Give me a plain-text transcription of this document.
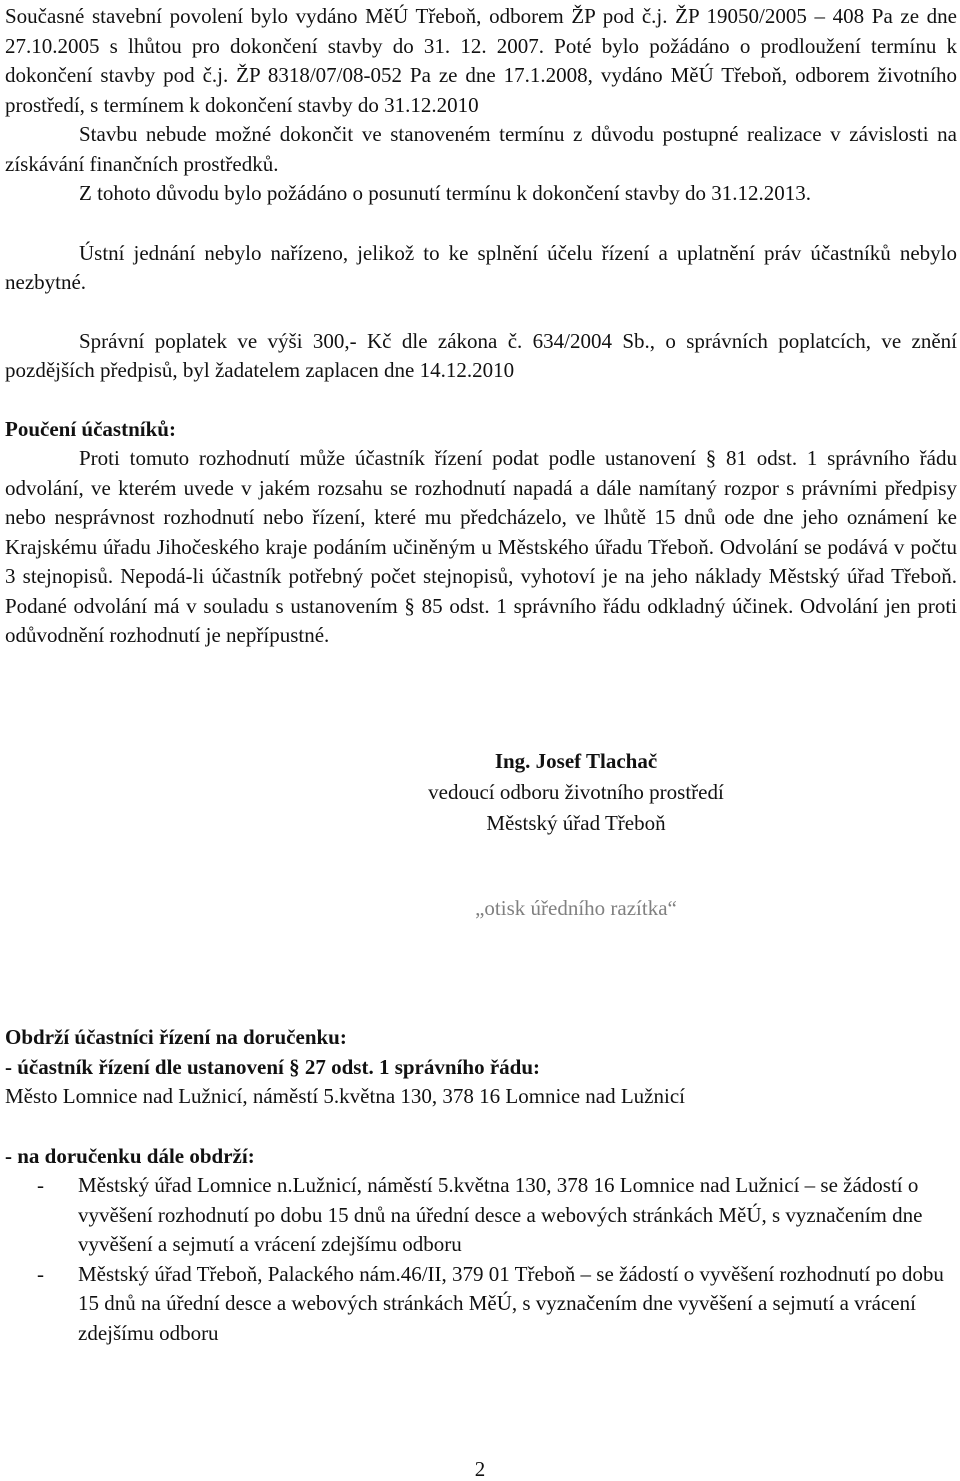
Současné stavební povolení bylo vydáno MěÚ Třeboň, odborem ŽP pod č.j. ŽP 19050/2005 – 408 Pa ze dne 27.10.2005 s lhůtou pro dokončení stavby do 31. 12. 2007. Poté bylo požádáno o prodloužení termínu k dokončení stavby pod č.j. ŽP 8318/07/08-052 Pa ze dne 17.1.2008, vydáno MěÚ Třeboň, odborem životního prostředí, s termínem k dokončení stavby do 31.12.2010

Stavbu nebude možné dokončit ve stanoveném termínu z důvodu postupné realizace v závislosti na získávání finančních prostředků.

Z tohoto důvodu bylo požádáno o posunutí termínu k dokončení stavby do 31.12.2013.

Ústní jednání nebylo nařízeno, jelikož to ke splnění účelu řízení a uplatnění práv účastníků nebylo nezbytné.

Správní poplatek ve výši 300,- Kč dle zákona č. 634/2004 Sb., o správních poplatcích, ve znění pozdějších předpisů, byl žadatelem zaplacen dne 14.12.2010

Poučení účastníků:

Proti tomuto rozhodnutí může účastník řízení podat podle ustanovení § 81 odst. 1 správního řádu odvolání, ve kterém uvede v jakém rozsahu se rozhodnutí napadá a dále namítaný rozpor s právními předpisy nebo nesprávnost rozhodnutí nebo řízení, které mu předcházelo, ve lhůtě 15 dnů ode dne jeho oznámení ke Krajskému úřadu Jihočeského kraje podáním učiněným u Městského úřadu Třeboň. Odvolání se podává v počtu 3 stejnopisů. Nepodá-li účastník potřebný počet stejnopisů, vyhotoví je na jeho náklady Městský úřad Třeboň. Podané odvolání má v souladu s ustanovením § 85 odst. 1 správního řádu odkladný účinek. Odvolání jen proti odůvodnění rozhodnutí je nepřípustné.

Ing. Josef Tlachač
vedoucí odboru životního prostředí
Městský úřad Třeboň
„otisk úředního razítka“

Obdrží účastníci řízení na doručenku:

- účastník řízení dle ustanovení § 27 odst. 1 správního řádu:

Město Lomnice nad Lužnicí, náměstí 5.května 130, 378 16 Lomnice nad Lužnicí

- na doručenku dále obdrží:

-	Městský úřad Lomnice n.Lužnicí, náměstí 5.května 130, 378 16 Lomnice nad Lužnicí – se žádostí o vyvěšení rozhodnutí po dobu 15 dnů na úřední desce a webových stránkách MěÚ, s vyznačením dne vyvěšení a sejmutí a vrácení zdejšímu odboru
-	Městský úřad Třeboň, Palackého nám.46/II, 379 01 Třeboň – se žádostí o vyvěšení rozhodnutí po dobu 15 dnů na úřední desce a webových stránkách MěÚ, s vyznačením dne vyvěšení a sejmutí a vrácení zdejšímu odboru
2
